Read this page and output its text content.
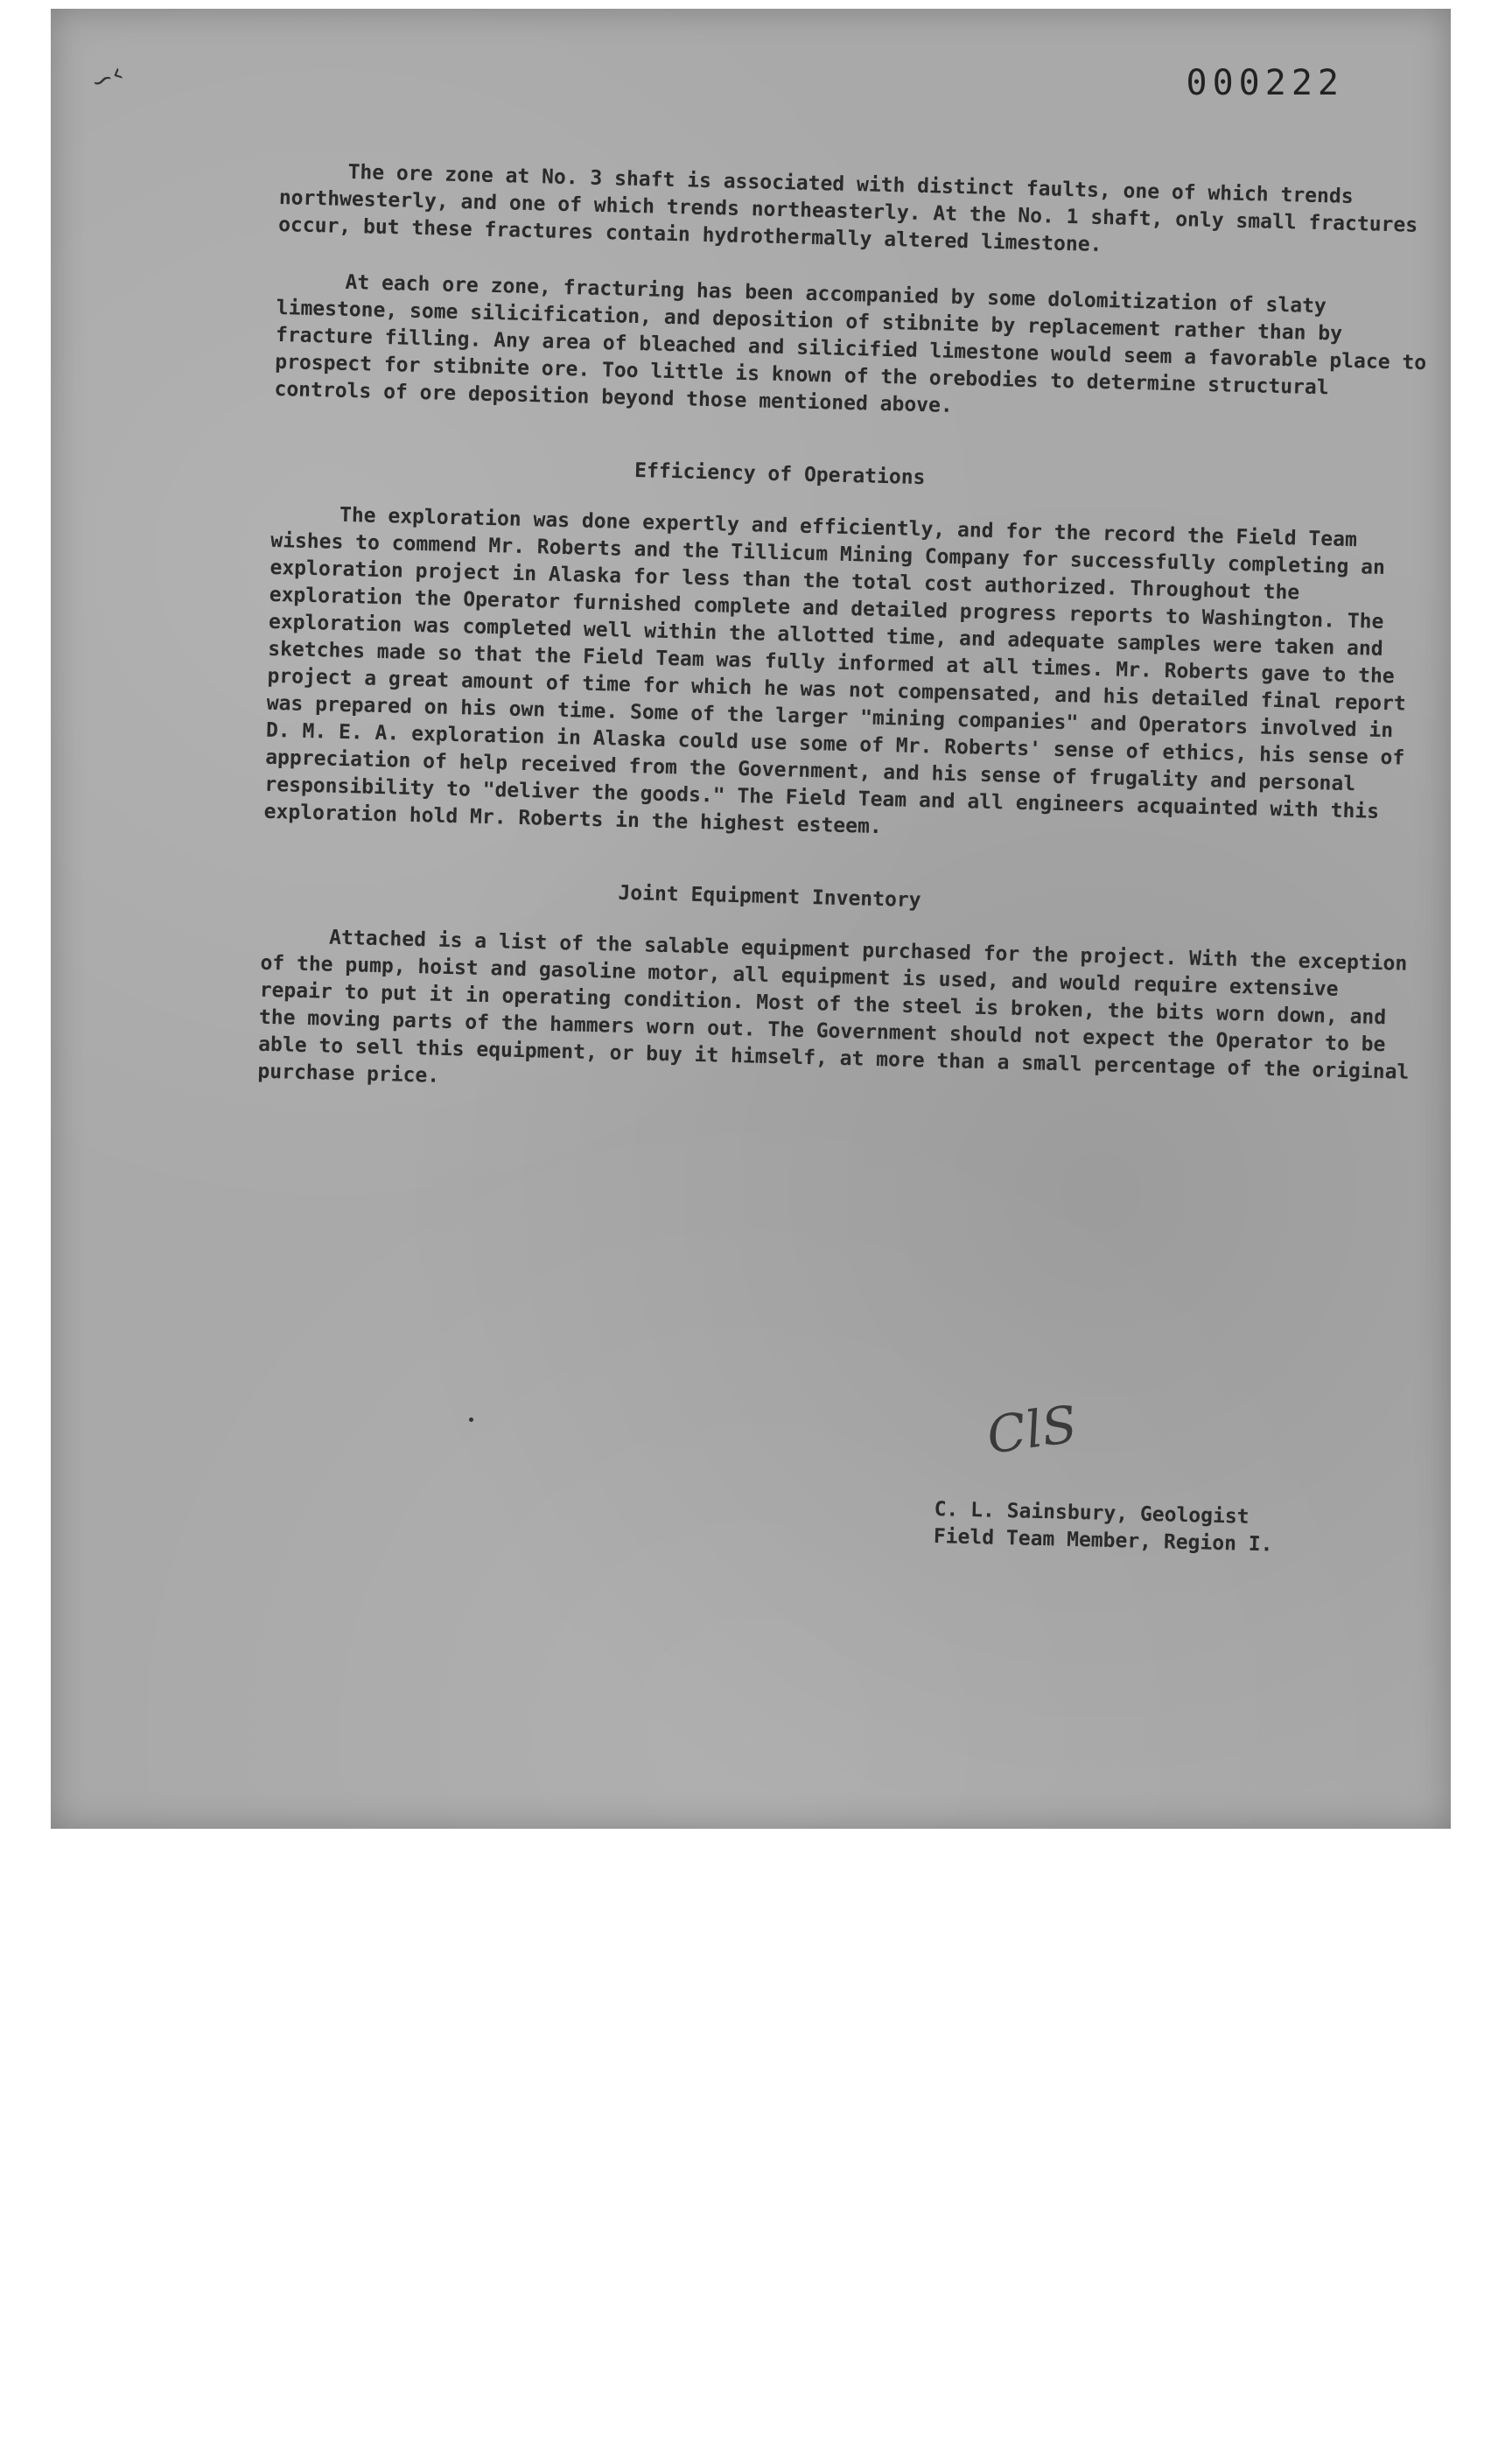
∽‹	000222

The ore zone at No. 3 shaft is associated with distinct faults, one of which trends northwesterly, and one of which trends northeasterly. At the No. 1 shaft, only small fractures occur, but these fractures contain hydrothermally altered limestone.

At each ore zone, fracturing has been accompanied by some dolomitization of slaty limestone, some silicification, and deposition of stibnite by replacement rather than by fracture filling. Any area of bleached and silicified limestone would seem a favorable place to prospect for stibnite ore. Too little is known of the orebodies to determine structural controls of ore deposition beyond those mentioned above.

Efficiency of Operations

The exploration was done expertly and efficiently, and for the record the Field Team wishes to commend Mr. Roberts and the Tillicum Mining Company for successfully completing an exploration project in Alaska for less than the total cost authorized. Throughout the exploration the Operator furnished complete and detailed progress reports to Washington. The exploration was completed well within the allotted time, and adequate samples were taken and sketches made so that the Field Team was fully informed at all times. Mr. Roberts gave to the project a great amount of time for which he was not compensated, and his detailed final report was prepared on his own time. Some of the larger "mining companies" and Operators involved in D. M. E. A. exploration in Alaska could use some of Mr. Roberts' sense of ethics, his sense of appreciation of help received from the Government, and his sense of frugality and personal responsibility to "deliver the goods." The Field Team and all engineers acquainted with this exploration hold Mr. Roberts in the highest esteem.

Joint Equipment Inventory

Attached is a list of the salable equipment purchased for the project. With the exception of the pump, hoist and gasoline motor, all equipment is used, and would require extensive repair to put it in operating condition. Most of the steel is broken, the bits worn down, and the moving parts of the hammers worn out. The Government should not expect the Operator to be able to sell this equipment, or buy it himself, at more than a small percentage of the original purchase price.

ClS
C. L. Sainsbury, Geologist
Field Team Member, Region I.
